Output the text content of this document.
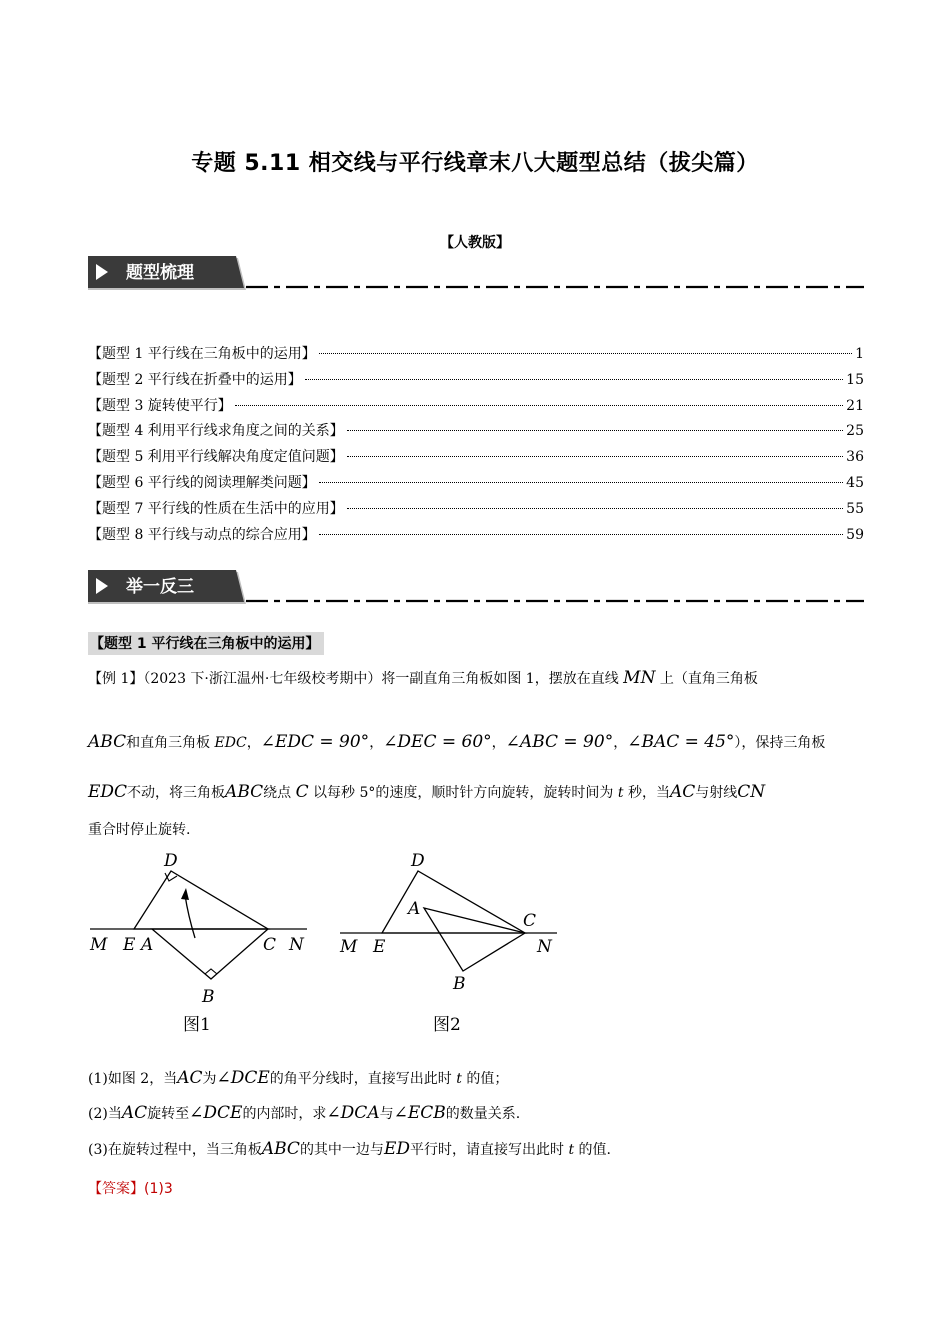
专题 5.11 相交线与平行线章末八大题型总结（拔尖篇）
【人教版】
题型梳理
【题型 1 平行线在三角板中的运用】	1
【题型 2 平行线在折叠中的运用】	15
【题型 3 旋转使平行】	21
【题型 4 利用平行线求角度之间的关系】	25
【题型 5 利用平行线解决角度定值问题】	36
【题型 6 平行线的阅读理解类问题】	45
【题型 7 平行线的性质在生活中的应用】	55
【题型 8 平行线与动点的综合应用】	59
举一反三
【题型 1 平行线在三角板中的运用】
【例 1】（2023 下·浙江温州·七年级校考期中）将一副直角三角板如图 1，摆放在直线 MN 上（直角三角板
ABC和直角三角板 EDC，∠EDC = 90°，∠DEC = 60°，∠ABC = 90°，∠BAC = 45°），保持三角板
EDC不动，将三角板ABC绕点 C 以每秒 5°的速度，顺时针方向旋转，旋转时间为 t 秒，当AC与射线CN
重合时停止旋转.
D
M E A	C N
B
图1
D
A
C
M E	N
B
图2
(1)如图 2，当AC为∠DCE的角平分线时，直接写出此时 t 的值；
(2)当AC旋转至∠DCE的内部时，求∠DCA与∠ECB的数量关系.
(3)在旋转过程中，当三角板ABC的其中一边与ED平行时，请直接写出此时 t 的值.
【答案】(1)3
